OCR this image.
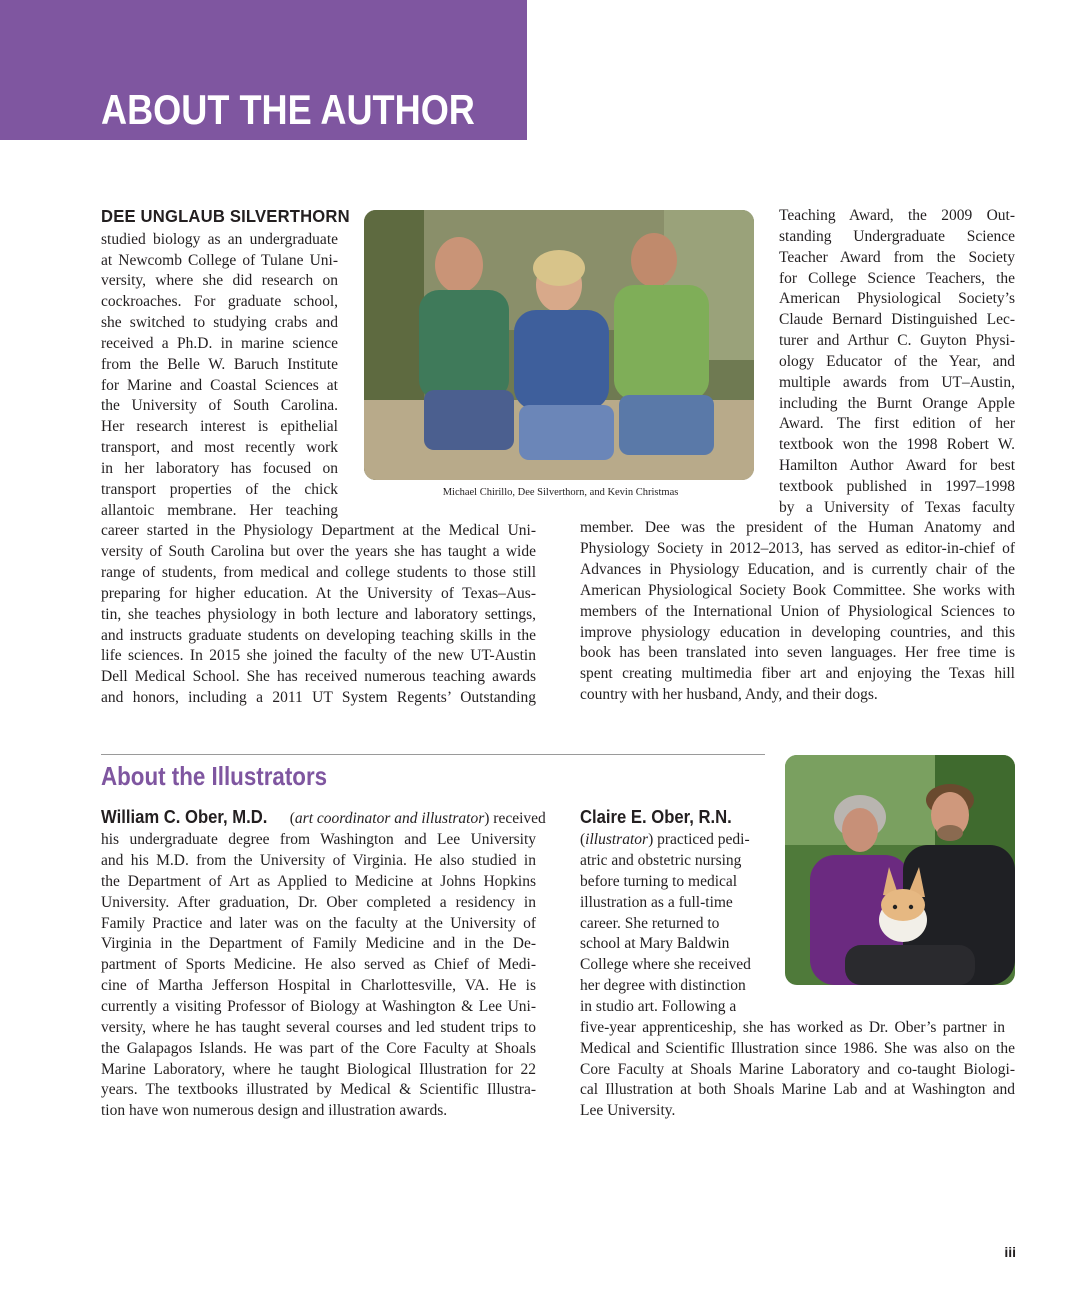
ABOUT THE AUTHOR
DEE UNGLAUB SILVERTHORN

Michael Chirillo, Dee Silverthorn, and Kevin Christmas

studied biology as an undergraduate

at Newcomb College of Tulane Uni-

versity, where she did research on

cockroaches. For graduate school,

she switched to studying crabs and

received a Ph.D. in marine science

from the Belle W. Baruch Institute

for Marine and Coastal Sciences at

the University of South Carolina.

Her research interest is epithelial

transport, and most recently work

in her laboratory has focused on

transport properties of the chick

allantoic membrane. Her teaching

career started in the Physiology Department at the Medical Uni-

versity of South Carolina but over the years she has taught a wide

range of students, from medical and college students to those still

preparing for higher education. At the University of Texas–Aus-

tin, she teaches physiology in both lecture and laboratory settings,

and instructs graduate students on developing teaching skills in the

life sciences. In 2015 she joined the faculty of the new UT-Austin

Dell Medical School. She has received numerous teaching awards

and honors, including a 2011 UT System Regents’ Outstanding

Teaching Award, the 2009 Out-

standing Undergraduate Science

Teacher Award from the Society

for College Science Teachers, the

American Physiological Society’s

Claude Bernard Distinguished Lec-

turer and Arthur C. Guyton Physi-

ology Educator of the Year, and

multiple awards from UT–Austin,

including the Burnt Orange Apple

Award. The first edition of her

textbook won the 1998 Robert W.

Hamilton Author Award for best

textbook published in 1997–1998

by a University of Texas faculty

member. Dee was the president of the Human Anatomy and

Physiology Society in 2012–2013, has served as editor-in-chief of

Advances in Physiology Education, and is currently chair of the

American Physiological Society Book Committee. She works with

members of the International Union of Physiological Sciences to

improve physiology education in developing countries, and this

book has been translated into seven languages. Her free time is

spent creating multimedia fiber art and enjoying the Texas hill

country with her husband, Andy, and their dogs.

About the Illustrators

William C. Ober, M.D. (art coordinator and illustrator) received

his undergraduate degree from Washington and Lee University

and his M.D. from the University of Virginia. He also studied in

the Department of Art as Applied to Medicine at Johns Hopkins

University. After graduation, Dr. Ober completed a residency in

Family Practice and later was on the faculty at the University of

Virginia in the Department of Family Medicine and in the De-

partment of Sports Medicine. He also served as Chief of Medi-

cine of Martha Jefferson Hospital in Charlottesville, VA. He is

currently a visiting Professor of Biology at Washington & Lee Uni-

versity, where he has taught several courses and led student trips to

the Galapagos Islands. He was part of the Core Faculty at Shoals

Marine Laboratory, where he taught Biological Illustration for 22

years. The textbooks illustrated by Medical & Scientific Illustra-

tion have won numerous design and illustration awards.

Claire E. Ober, R.N.

(illustrator) practiced pedi-

atric and obstetric nursing

before turning to medical

illustration as a full-time

career. She returned to

school at Mary Baldwin

College where she received

her degree with distinction

in studio art. Following a

five-year apprenticeship, she has worked as Dr. Ober’s partner in

Medical and Scientific Illustration since 1986. She was also on the

Core Faculty at Shoals Marine Laboratory and co-taught Biologi-

cal Illustration at both Shoals Marine Lab and at Washington and

Lee University.

iii
